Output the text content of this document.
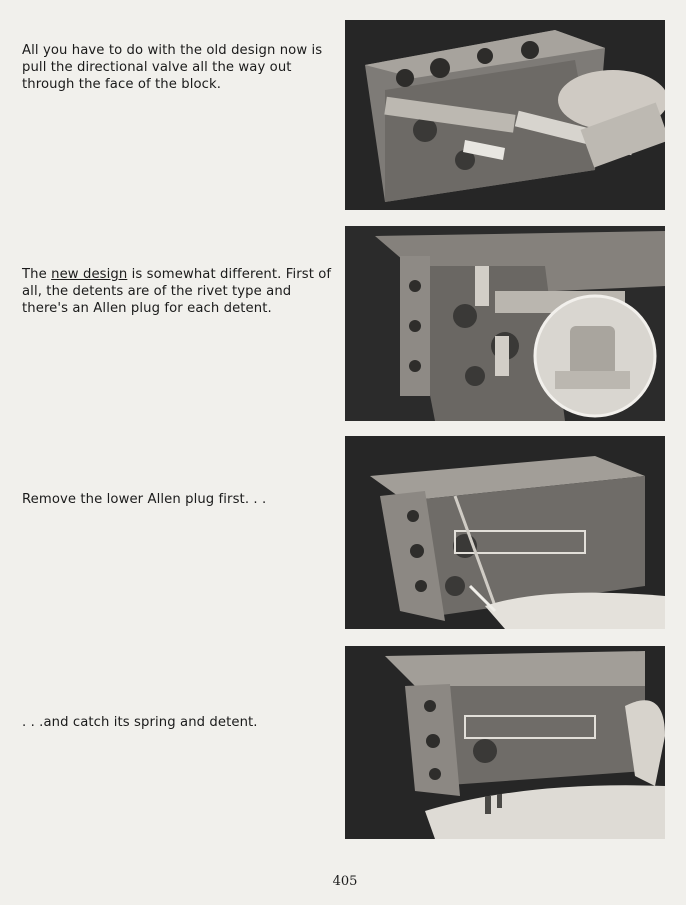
All you have to do with the old design now is pull the directional valve all the way out through the face of the block.
The new design is somewhat different. First of all, the detents are of the rivet type and there's an Allen plug for each detent.
Remove the lower Allen plug first. . .
. . .and catch its spring and detent.
405
